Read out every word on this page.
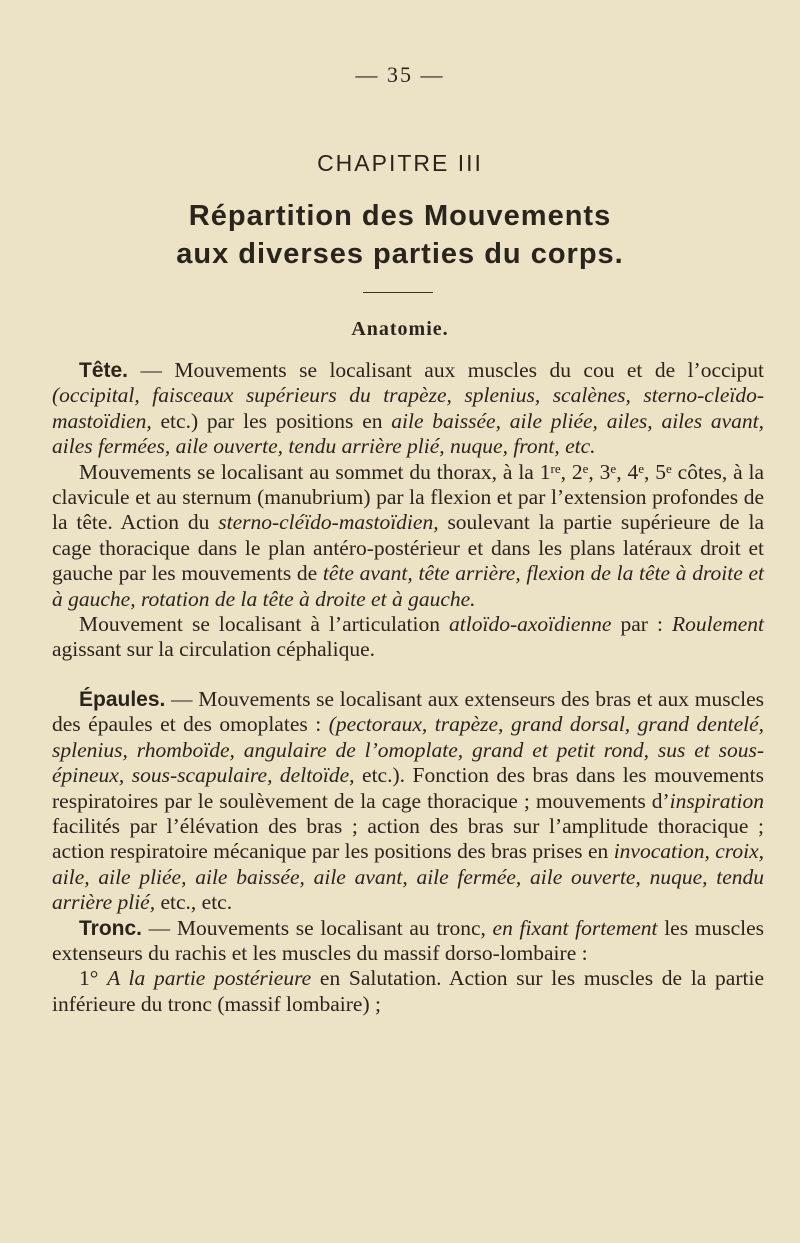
— 35 —
CHAPITRE III
Répartition des Mouvements
aux diverses parties du corps.
Anatomie.

Tête. — Mouvements se localisant aux muscles du cou et de l’occiput (occipital, faisceaux supérieurs du trapèze, splenius, scalènes, sterno-cleïdo-mastoïdien, etc.) par les positions en aile baissée, aile pliée, ailes, ailes avant, ailes fermées, aile ouverte, tendu arrière plié, nuque, front, etc.

Mouvements se localisant au sommet du thorax, à la 1re, 2e, 3e, 4e, 5e côtes, à la clavicule et au sternum (manubrium) par la flexion et par l’extension profondes de la tête. Action du sterno-cléïdo-mastoïdien, soulevant la partie supérieure de la cage thoracique dans le plan antéro-postérieur et dans les plans latéraux droit et gauche par les mouvements de tête avant, tête arrière, flexion de la tête à droite et à gauche, rotation de la tête à droite et à gauche.

Mouvement se localisant à l’articulation atloïdo-axoïdienne par : Roulement agissant sur la circulation céphalique.

Épaules. — Mouvements se localisant aux extenseurs des bras et aux muscles des épaules et des omoplates : (pectoraux, trapèze, grand dorsal, grand dentelé, splenius, rhomboïde, angulaire de l’omoplate, grand et petit rond, sus et sous-épineux, sous-scapulaire, deltoïde, etc.). Fonction des bras dans les mouvements respiratoires par le soulèvement de la cage thoracique ; mouvements d’inspiration facilités par l’élévation des bras ; action des bras sur l’amplitude thoracique ; action respiratoire mécanique par les positions des bras prises en invocation, croix, aile, aile pliée, aile baissée, aile avant, aile fermée, aile ouverte, nuque, tendu arrière plié, etc., etc.

Tronc. — Mouvements se localisant au tronc, en fixant fortement les muscles extenseurs du rachis et les muscles du massif dorso-lombaire :

1° A la partie postérieure en Salutation. Action sur les muscles de la partie inférieure du tronc (massif lombaire) ;
